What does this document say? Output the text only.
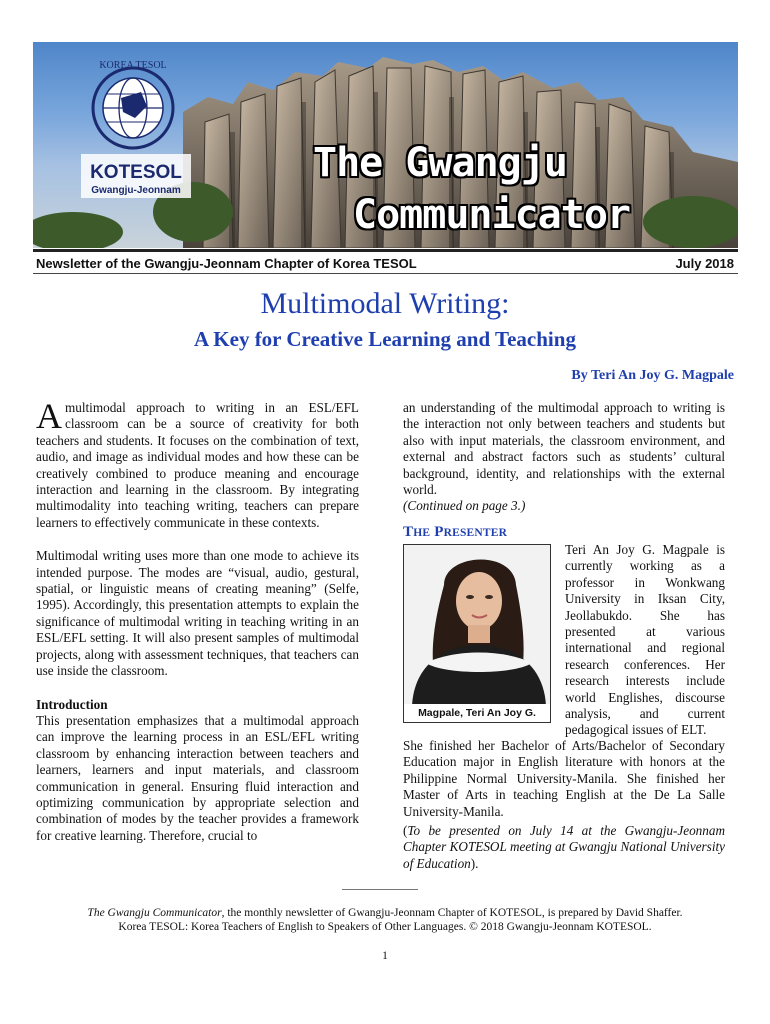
KOREA TESOL
KOTESOL
Gwangju-Jeonnam
The Gwangju
Communicator
Newsletter of the Gwangju-Jeonnam Chapter of Korea TESOL	July 2018
Multimodal Writing:
A Key for Creative Learning and Teaching
By Teri An Joy G. Magpale

Amultimodal approach to writing in an ESL/EFL classroom can be a source of creativity for both teachers and students. It focuses on the combination of text, audio, and image as individual modes and how these can be creatively combined to produce meaning and encourage interaction and learning in the classroom. By integrating multimodality into teaching writing, teachers can prepare learners to effectively communicate in these contexts.

Multimodal writing uses more than one mode to achieve its intended purpose. The modes are “visual, audio, gestural, spatial, or linguistic means of creating meaning” (Selfe, 1995). Accordingly, this presentation attempts to explain the significance of multimodal writing in teaching writing in an ESL/EFL setting. It will also present samples of multimodal projects, along with assessment techniques, that teachers can use inside the classroom.

Introduction

This presentation emphasizes that a multimodal approach can improve the learning process in an ESL/EFL writing classroom by enhancing interaction between teachers and learners, learners and input materials, and classroom communication in general. Ensuring fluid interaction and optimizing communication by appropriate selection and combination of modes by the teacher provides a framework for creative learning. Therefore, crucial to

an understanding of the multimodal approach to writing is the interaction not only between teachers and students but also with input materials, the classroom environment, and external and abstract factors such as students’ cultural background, identity, and relationships with the external world.

(Continued on page 3.)

THE PRESENTER
Magpale, Teri An Joy G.
Teri An Joy G. Magpale is currently working as a professor in Wonkwang University in Iksan City, Jeollabukdo. She has presented at various international and regional research conferences. Her research interests include world Englishes, discourse analysis, and current pedagogical issues of ELT.
She finished her Bachelor of Arts/Bachelor of Secondary Education major in English literature with honors at the Philippine Normal University-Manila. She finished her Master of Arts in teaching English at the De La Salle University-Manila.
(To be presented on July 14 at the Gwangju-Jeonnam Chapter KOTESOL meeting at Gwangju National University of Education).
The Gwangju Communicator, the monthly newsletter of Gwangju-Jeonnam Chapter of KOTESOL, is prepared by David Shaffer.
Korea TESOL: Korea Teachers of English to Speakers of Other Languages. © 2018 Gwangju-Jeonnam KOTESOL.
1
